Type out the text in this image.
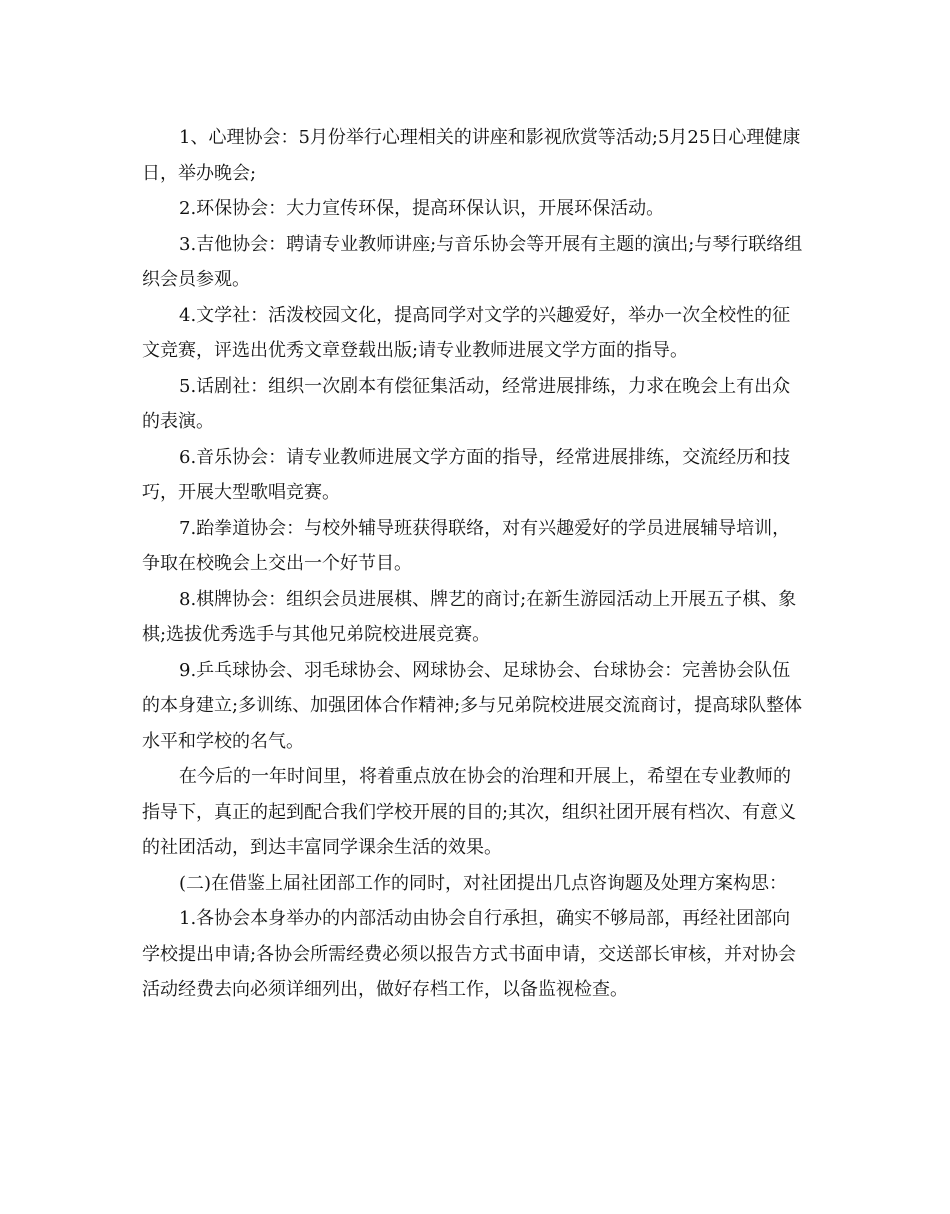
1、心理协会：5月份举行心理相关的讲座和影视欣赏等活动;5月25日心理健康日，举办晚会;

2.环保协会：大力宣传环保，提高环保认识，开展环保活动。

3.吉他协会：聘请专业教师讲座;与音乐协会等开展有主题的演出;与琴行联络组织会员参观。

4.文学社：活泼校园文化，提高同学对文学的兴趣爱好，举办一次全校性的征文竞赛，评选出优秀文章登载出版;请专业教师进展文学方面的指导。

5.话剧社：组织一次剧本有偿征集活动，经常进展排练，力求在晚会上有出众的表演。

6.音乐协会：请专业教师进展文学方面的指导，经常进展排练，交流经历和技巧，开展大型歌唱竞赛。

7.跆拳道协会：与校外辅导班获得联络，对有兴趣爱好的学员进展辅导培训，争取在校晚会上交出一个好节目。

8.棋牌协会：组织会员进展棋、牌艺的商讨;在新生游园活动上开展五子棋、象棋;选拔优秀选手与其他兄弟院校进展竞赛。

9.乒乓球协会、羽毛球协会、网球协会、足球协会、台球协会：完善协会队伍的本身建立;多训练、加强团体合作精神;多与兄弟院校进展交流商讨，提高球队整体水平和学校的名气。

在今后的一年时间里，将着重点放在协会的治理和开展上，希望在专业教师的指导下，真正的起到配合我们学校开展的目的;其次，组织社团开展有档次、有意义的社团活动，到达丰富同学课余生活的效果。

(二)在借鉴上届社团部工作的同时，对社团提出几点咨询题及处理方案构思：

1.各协会本身举办的内部活动由协会自行承担，确实不够局部，再经社团部向学校提出申请;各协会所需经费必须以报告方式书面申请，交送部长审核，并对协会活动经费去向必须详细列出，做好存档工作，以备监视检查。
